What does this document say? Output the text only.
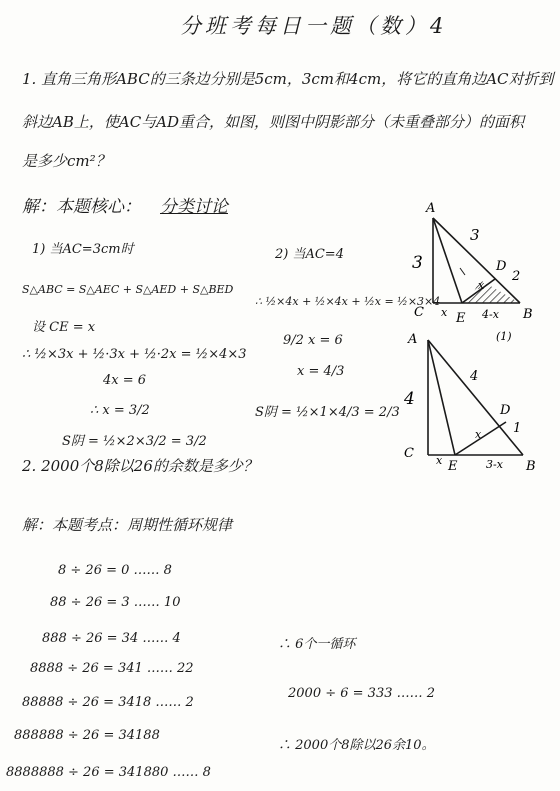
分班考每日一题（数）4
1. 直角三角形ABC的三条边分别是5cm，3cm和4cm，将它的直角边AC对折到
斜边AB上，使AC与AD重合，如图，则图中阴影部分（未重叠部分）的面积
是多少cm²？
解：本题核心： 分类讨论
1) 当AC=3cm时
S△ABC = S△AEC + S△AED + S△BED
设 CE = x
∴ ½×3x + ½·3x + ½·2x = ½×4×3
4x = 6
∴ x = 3/2
S阴 = ½×2×3/2 = 3/2
2) 当AC=4
∴ ½×4x + ½×4x + ½x = ½×3×4
9/2 x = 6
x = 4/3
S阴 = ½×1×4/3 = 2/3
A
B
C
D
E
3
3
2
4-x
x
x
(1)
A
B
C
D
E
4
4
1
3-x
x
x
2. 2000个8除以26的余数是多少？
解：本题考点：周期性循环规律
8 ÷ 26 = 0 …… 8
88 ÷ 26 = 3 …… 10
888 ÷ 26 = 34 …… 4
8888 ÷ 26 = 341 …… 22
88888 ÷ 26 = 3418 …… 2
888888 ÷ 26 = 34188
8888888 ÷ 26 = 341880 …… 8
∴ 6个一循环
2000 ÷ 6 = 333 …… 2
∴ 2000个8除以26余10。
